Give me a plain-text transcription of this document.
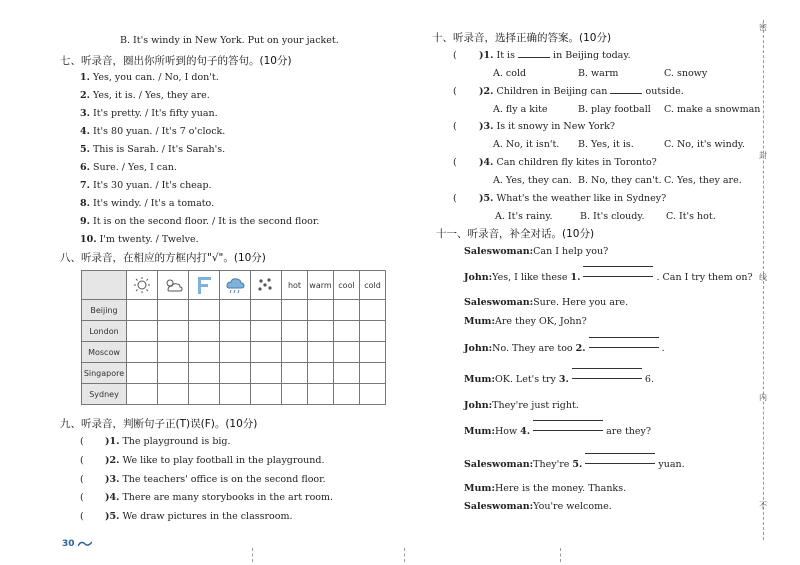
B. It's windy in New York. Put on your jacket.
七、听录音，圈出你所听到的句子的答句。(10分)
1. Yes, you can. / No, I don't.
2. Yes, it is. / Yes, they are.
3. It's pretty. / It's fifty yuan.
4. It's 80 yuan. / It's 7 o'clock.
5. This is Sarah. / It's Sarah's.
6. Sure. / Yes, I can.
7. It's 30 yuan. / It's cheap.
8. It's windy. / It's a tomato.
9. It is on the second floor. / It is the second floor.
10. I'm twenty. / Twelve.
八、听录音，在相应的方框内打"√"。(10分)
						hot	warm	cool	cold
Beijing									
London									
Moscow									
Singapore									
Sydney									
九、听录音，判断句子正(T)误(F)。(10分)
( )1. The playground is big.
( )2. We like to play football in the playground.
( )3. The teachers' office is on the second floor.
( )4. There are many storybooks in the art room.
( )5. We draw pictures in the classroom.
30
十、听录音，选择正确的答案。(10分)
( )1. It is	in Beijing today.
A. cold	B. warm	C. snowy
( )2. Children in Beijing can	outside.
A. fly a kite	B. play football C. make a snowman
( )3. Is it snowy in New York?
A. No, it isn't. B. Yes, it is.	C. No, it's windy.
( )4. Can children fly kites in Toronto?
A. Yes, they can. B. No, they can't. C. Yes, they are.
( )5. What's the weather like in Sydney?
A. It's rainy.	B. It's cloudy. C. It's hot.
十一、听录音，补全对话。(10分)
Saleswoman:Can I help you?
John:Yes, I like these 1.	. Can I try them on?
Saleswoman:Sure. Here you are.
Mum:Are they OK, John?
John:No. They are too 2.	.
Mum:OK. Let's try 3.	6.
John:They're just right.
Mum:How 4.	are they?
Saleswoman:They're 5.	yuan.
Mum:Here is the money. Thanks.
Saleswoman:You're welcome.
密
封
线
内
不
